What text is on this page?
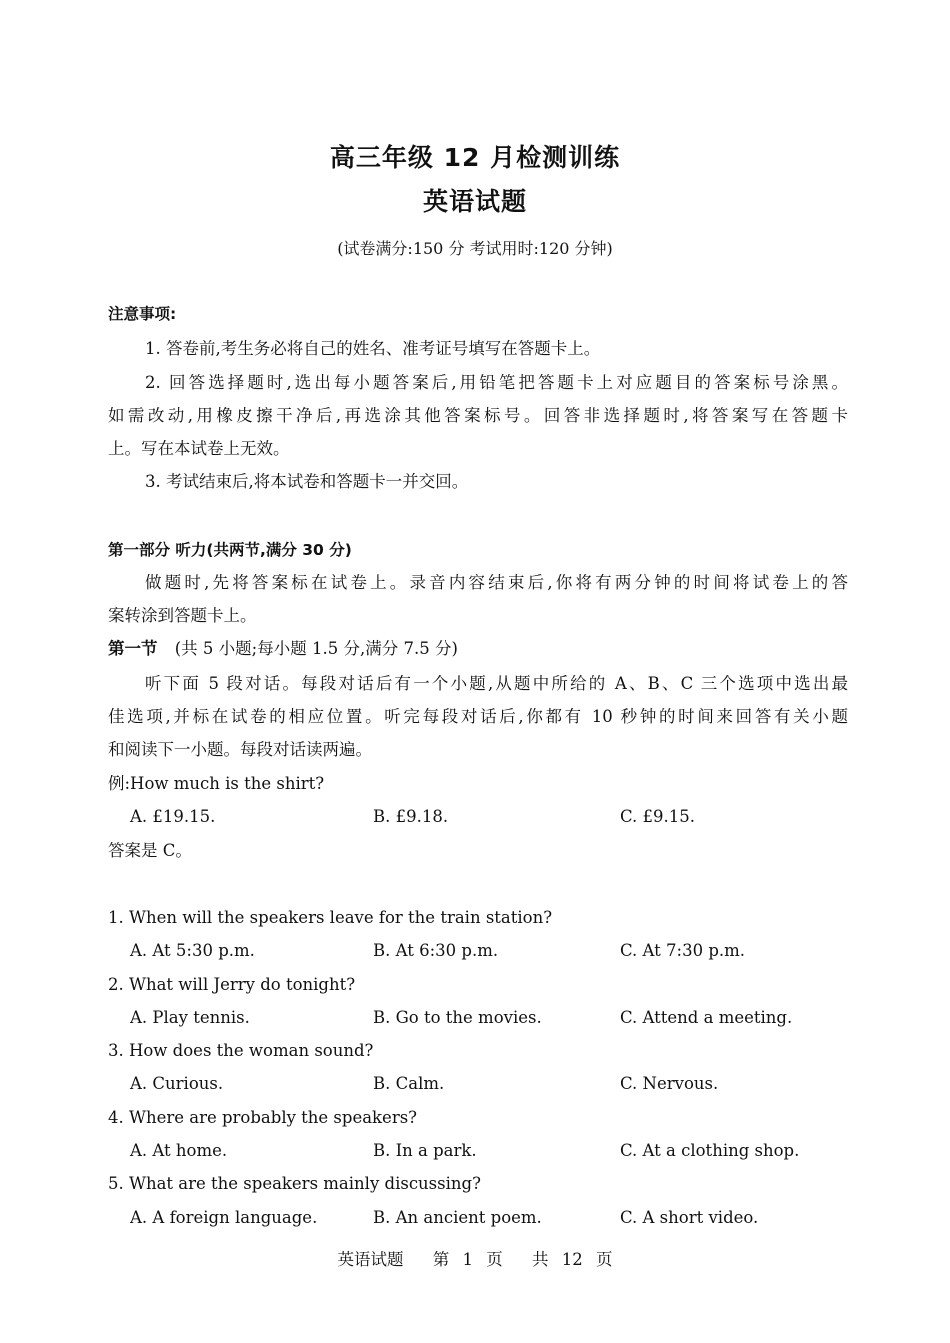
高三年级 12 月检测训练
英语试题
(试卷满分:150 分 考试用时:120 分钟)
注意事项:
1. 答卷前,考生务必将自己的姓名、准考证号填写在答题卡上。
2. 回答选择题时,选出每小题答案后,用铅笔把答题卡上对应题目的答案标号涂黑。
如需改动,用橡皮擦干净后,再选涂其他答案标号。回答非选择题时,将答案写在答题卡
上。写在本试卷上无效。
3. 考试结束后,将本试卷和答题卡一并交回。
第一部分 听力(共两节,满分 30 分)
做题时,先将答案标在试卷上。录音内容结束后,你将有两分钟的时间将试卷上的答
案转涂到答题卡上。
第一节 (共 5 小题;每小题 1.5 分,满分 7.5 分)
听下面 5 段对话。每段对话后有一个小题,从题中所给的 A、B、C 三个选项中选出最
佳选项,并标在试卷的相应位置。听完每段对话后,你都有 10 秒钟的时间来回答有关小题
和阅读下一小题。每段对话读两遍。
例:How much is the shirt?
A. £19.15.	B. £9.18.	C. £9.15.
答案是 C。
1. When will the speakers leave for the train station?
A. At 5:30 p.m.	B. At 6:30 p.m.	C. At 7:30 p.m.
2. What will Jerry do tonight?
A. Play tennis.	B. Go to the movies.	C. Attend a meeting.
3. How does the woman sound?
A. Curious.	B. Calm.	C. Nervous.
4. Where are probably the speakers?
A. At home.	B. In a park.	C. At a clothing shop.
5. What are the speakers mainly discussing?
A. A foreign language.	B. An ancient poem.	C. A short video.
英语试题 第 1 页 共 12 页
